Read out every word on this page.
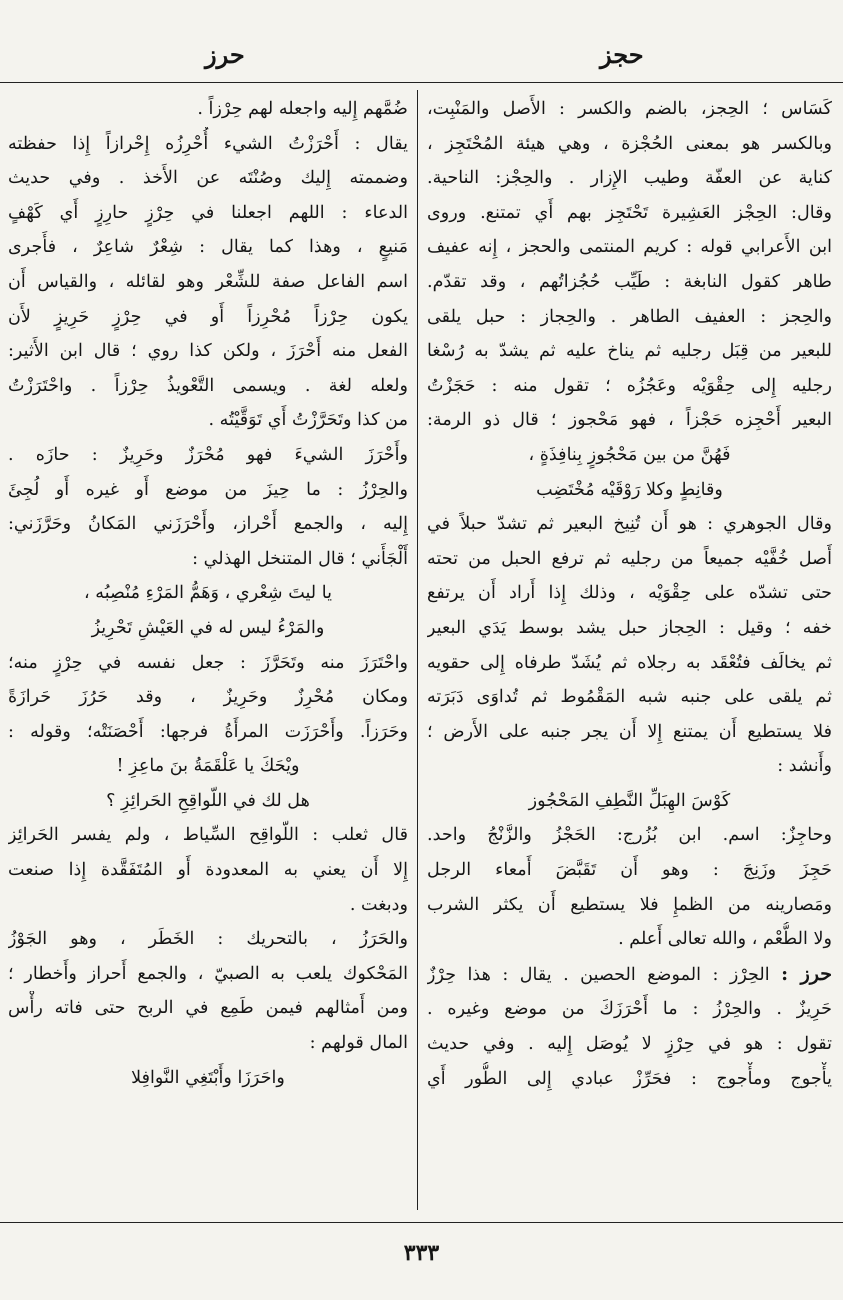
حجز
حرز
كَسَاس ؛ الحِجز، بالضم والكسر : الأَصل والمَنْبِت،
وبالكسر هو بمعنى الحُجْزة ، وهي هيئة المُحْتَجِز ،
كناية عن العفّة وطيب الإِزار . والحِجْز: الناحية.
وقال: الحِجْز العَشِيرة تَحْتَجِز بهم أَي تمتنع. وروى
ابن الأَعرابي قوله : كريم المنتمى والحجز ، إِنه عفيف
طاهر كقول النابغة : طَيِّب حُجُزاتُهم ، وقد تقدّم.
والحِجز : العفيف الطاهر . والحِجاز : حبل يلقى
للبعير من قِبَل رجليه ثم يناخ عليه ثم يشدّ به رُسْغا
رجليه إِلى حِقْوَيْه وعَجُزُه ؛ تقول منه : حَجَزْتُ
البعير أَحْجِزه حَجْزاً ، فهو مَحْجوز ؛ قال ذو الرمة:
فَهُنَّ من بين مَحْجُوزٍ بِنافِذَةٍ ،
وقانِطٍ وكلا رَوْقَيْه مُخْتَضِب
وقال الجوهري : هو أَن تُنِيخ البعير ثم تشدّ حبلاً في
أَصل خُفَّيْه جميعاً من رجليه ثم ترفع الحبل من تحته
حتى تشدّه على حِقْوَيْه ، وذلك إِذا أَراد أَن يرتفع
خفه ؛ وقيل : الحِجاز حبل يشد بوسط يَدَي البعير
ثم يخالَف فتُعْقَد به رجلاه ثم يُشَدّ طرفاه إِلى حقويه
ثم يلقى على جنبه شبه المَقْمُوط ثم تُداوَى دَبَرَته
فلا يستطيع أَن يمتنع إِلا أَن يجر جنبه على الأَرض ؛
وأَنشد :
كَوْسَ الهِبَلِّ النَّطِفِ المَحْجُوز
وحاجِزٌ: اسم. ابن بُزُرج: الحَجْزُ والزَّنْجُ واحد.
حَجِزَ وزَنِجَ : وهو أَن تَقَبَّضَ أَمعاء الرجل
ومَصارينه من الظمإِ فلا يستطيع أَن يكثر الشرب
ولا الطُّعْم ، والله تعالى أَعلم .
حرز : الحِرْز : الموضع الحصين . يقال : هذا حِرْزٌ
حَرِيزٌ . والحِرْزُ : ما أَحْرَزَكَ من موضع وغيره .
تقول : هو في حِرْزٍ لا يُوصَل إِليه . وفي حديث
يأْجوج ومأْجوج : فحَرِّزْ عبادي إِلى الطُّور أَي
ضُمَّهم إِليه واجعله لهم حِرْزاً .
يقال : أَحْرَزْتُ الشيء أُحْرِزُه إِحْرازاً إِذا حفظته
وضممته إِليك وصُنْتَه عن الأَخذ . وفي حديث
الدعاء : اللهم اجعلنا في حِرْزٍ حارِزٍ أَي كَهْفٍ
مَنيعٍ ، وهذا كما يقال : شِعْرٌ شاعِرٌ ، فأَجرى
اسم الفاعل صفة للشِّعْر وهو لقائله ، والقياس أَن
يكون حِرْزاً مُحْرِزاً أَو في حِرْزٍ حَرِيزٍ لأَن
الفعل منه أَحْرَزَ ، ولكن كذا روي ؛ قال ابن الأَثير:
ولعله لغة . ويسمى التَّعْويذُ حِرْزاً . واحْتَرَزْتُ
من كذا وتَحَرَّزْتُ أَي تَوَقَّيْتُه .
وأَحْرَزَ الشيءَ فهو مُحْرَزٌ وحَرِيزٌ : حازَه .
والحِرْزُ : ما حِيزَ من موضع أَو غيره أَو لُجِئَ
إِليه ، والجمع أَحْراز، وأَحْرَزَني المَكانُ وحَرَّزَني:
أَلْجَأَني ؛ قال المتنخل الهذلي :
يا ليتَ شِعْري ، وَهَمُّ المَرْءِ مُنْصِبُه ،
والمَرْءُ ليس له في العَيْشِ تَحْرِيزُ
واحْتَرَزَ منه وتَحَرَّزَ : جعل نفسه في حِرْزٍ منه؛
ومكان مُحْرِزٌ وحَرِيزٌ ، وقد حَرُزَ حَرازَةً
وحَرَزاً. وأَحْرَزَت المرأَةُ فرجها: أَحْصَنَتْه؛ وقوله :
ويْحَكَ يا عَلْقَمَةُ بنَ ماعِزِ !
هل لك في اللّواقِحِ الحَرائِزِ ؟
قال ثعلب : اللّواقِح السِّياط ، ولم يفسر الحَرائِز
إِلا أَن يعني به المعدودة أَو المُتَفَقَّدة إِذا صنعت
ودبغت .
والحَرَزُ ، بالتحريك : الخَطَر ، وهو الجَوْزُ
المَحْكوك يلعب به الصبيّ ، والجمع أَحراز وأَخطار ؛
ومن أَمثالهم فيمن طَمِع في الربح حتى فاته رأْس
المال قولهم :
واحَرَزَا وأَبْتَغِي النَّوافِلا
٣٣٣
